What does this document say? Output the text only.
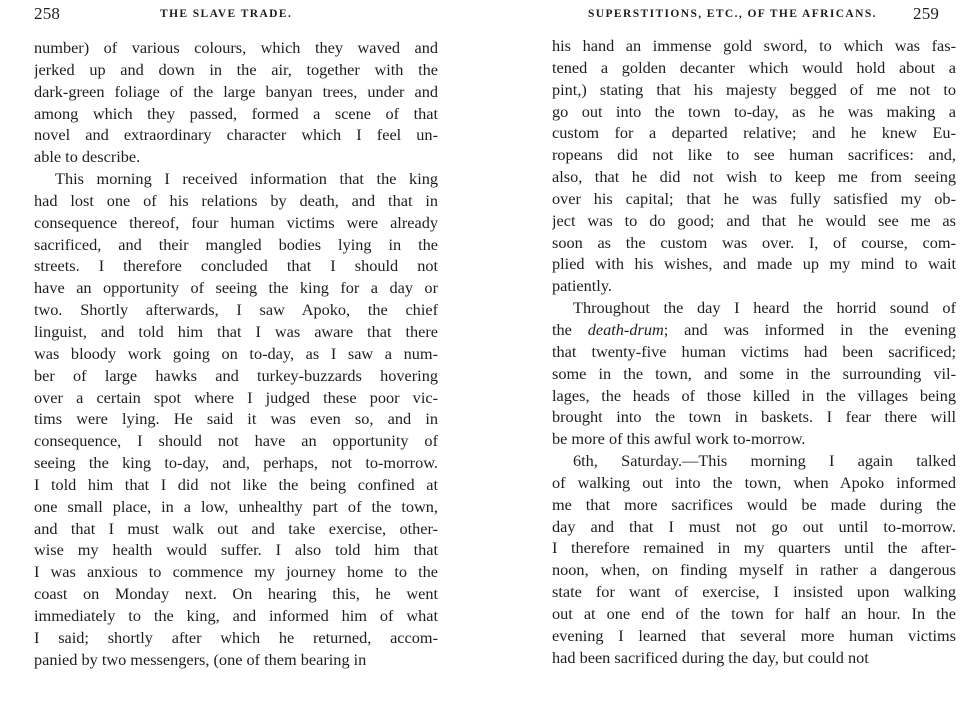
258	THE SLAVE TRADE.
number) of various colours, which they waved and
jerked up and down in the air, together with the
dark-green foliage of the large banyan trees, under and
among which they passed, formed a scene of that
novel and extraordinary character which I feel un-
able to describe.
This morning I received information that the king
had lost one of his relations by death, and that in
consequence thereof, four human victims were already
sacrificed, and their mangled bodies lying in the
streets. I therefore concluded that I should not
have an opportunity of seeing the king for a day or
two. Shortly afterwards, I saw Apoko, the chief
linguist, and told him that I was aware that there
was bloody work going on to-day, as I saw a num-
ber of large hawks and turkey-buzzards hovering
over a certain spot where I judged these poor vic-
tims were lying. He said it was even so, and in
consequence, I should not have an opportunity of
seeing the king to-day, and, perhaps, not to-morrow.
I told him that I did not like the being confined at
one small place, in a low, unhealthy part of the town,
and that I must walk out and take exercise, other-
wise my health would suffer. I also told him that
I was anxious to commence my journey home to the
coast on Monday next. On hearing this, he went
immediately to the king, and informed him of what
I said; shortly after which he returned, accom-
panied by two messengers, (one of them bearing in
SUPERSTITIONS, ETC., OF THE AFRICANS. 259
his hand an immense gold sword, to which was fas-
tened a golden decanter which would hold about a
pint,) stating that his majesty begged of me not to
go out into the town to-day, as he was making a
custom for a departed relative; and he knew Eu-
ropeans did not like to see human sacrifices: and,
also, that he did not wish to keep me from seeing
over his capital; that he was fully satisfied my ob-
ject was to do good; and that he would see me as
soon as the custom was over. I, of course, com-
plied with his wishes, and made up my mind to wait
patiently.
Throughout the day I heard the horrid sound of
the death-drum; and was informed in the evening
that twenty-five human victims had been sacrificed;
some in the town, and some in the surrounding vil-
lages, the heads of those killed in the villages being
brought into the town in baskets. I fear there will
be more of this awful work to-morrow.
6th, Saturday.—This morning I again talked
of walking out into the town, when Apoko informed
me that more sacrifices would be made during the
day and that I must not go out until to-morrow.
I therefore remained in my quarters until the after-
noon, when, on finding myself in rather a dangerous
state for want of exercise, I insisted upon walking
out at one end of the town for half an hour. In the
evening I learned that several more human victims
had been sacrificed during the day, but could not
